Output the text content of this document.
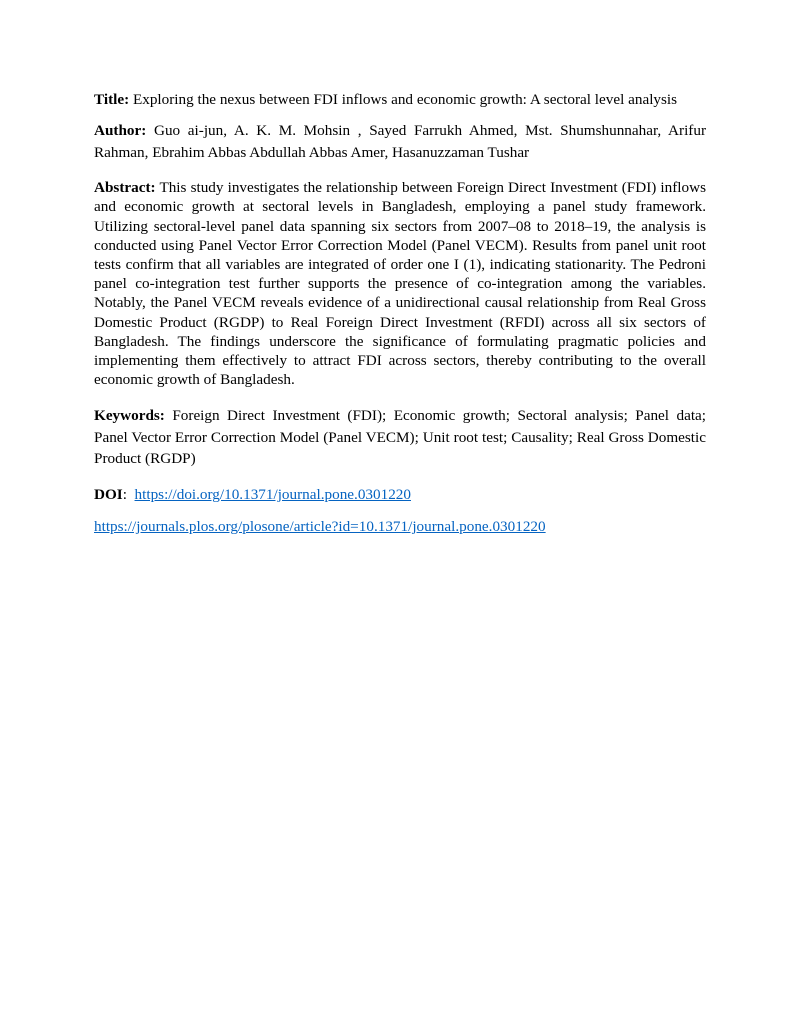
Title: Exploring the nexus between FDI inflows and economic growth: A sectoral level analysis

Author: Guo ai-jun, A. K. M. Mohsin , Sayed Farrukh Ahmed, Mst. Shumshunnahar, Arifur Rahman, Ebrahim Abbas Abdullah Abbas Amer, Hasanuzzaman Tushar

Abstract: This study investigates the relationship between Foreign Direct Investment (FDI) inflows and economic growth at sectoral levels in Bangladesh, employing a panel study framework. Utilizing sectoral-level panel data spanning six sectors from 2007–08 to 2018–19, the analysis is conducted using Panel Vector Error Correction Model (Panel VECM). Results from panel unit root tests confirm that all variables are integrated of order one I (1), indicating stationarity. The Pedroni panel co-integration test further supports the presence of co-integration among the variables. Notably, the Panel VECM reveals evidence of a unidirectional causal relationship from Real Gross Domestic Product (RGDP) to Real Foreign Direct Investment (RFDI) across all six sectors of Bangladesh. The findings underscore the significance of formulating pragmatic policies and implementing them effectively to attract FDI across sectors, thereby contributing to the overall economic growth of Bangladesh.

Keywords: Foreign Direct Investment (FDI); Economic growth; Sectoral analysis; Panel data; Panel Vector Error Correction Model (Panel VECM); Unit root test; Causality; Real Gross Domestic Product (RGDP)

DOI: https://doi.org/10.1371/journal.pone.0301220

https://journals.plos.org/plosone/article?id=10.1371/journal.pone.0301220
